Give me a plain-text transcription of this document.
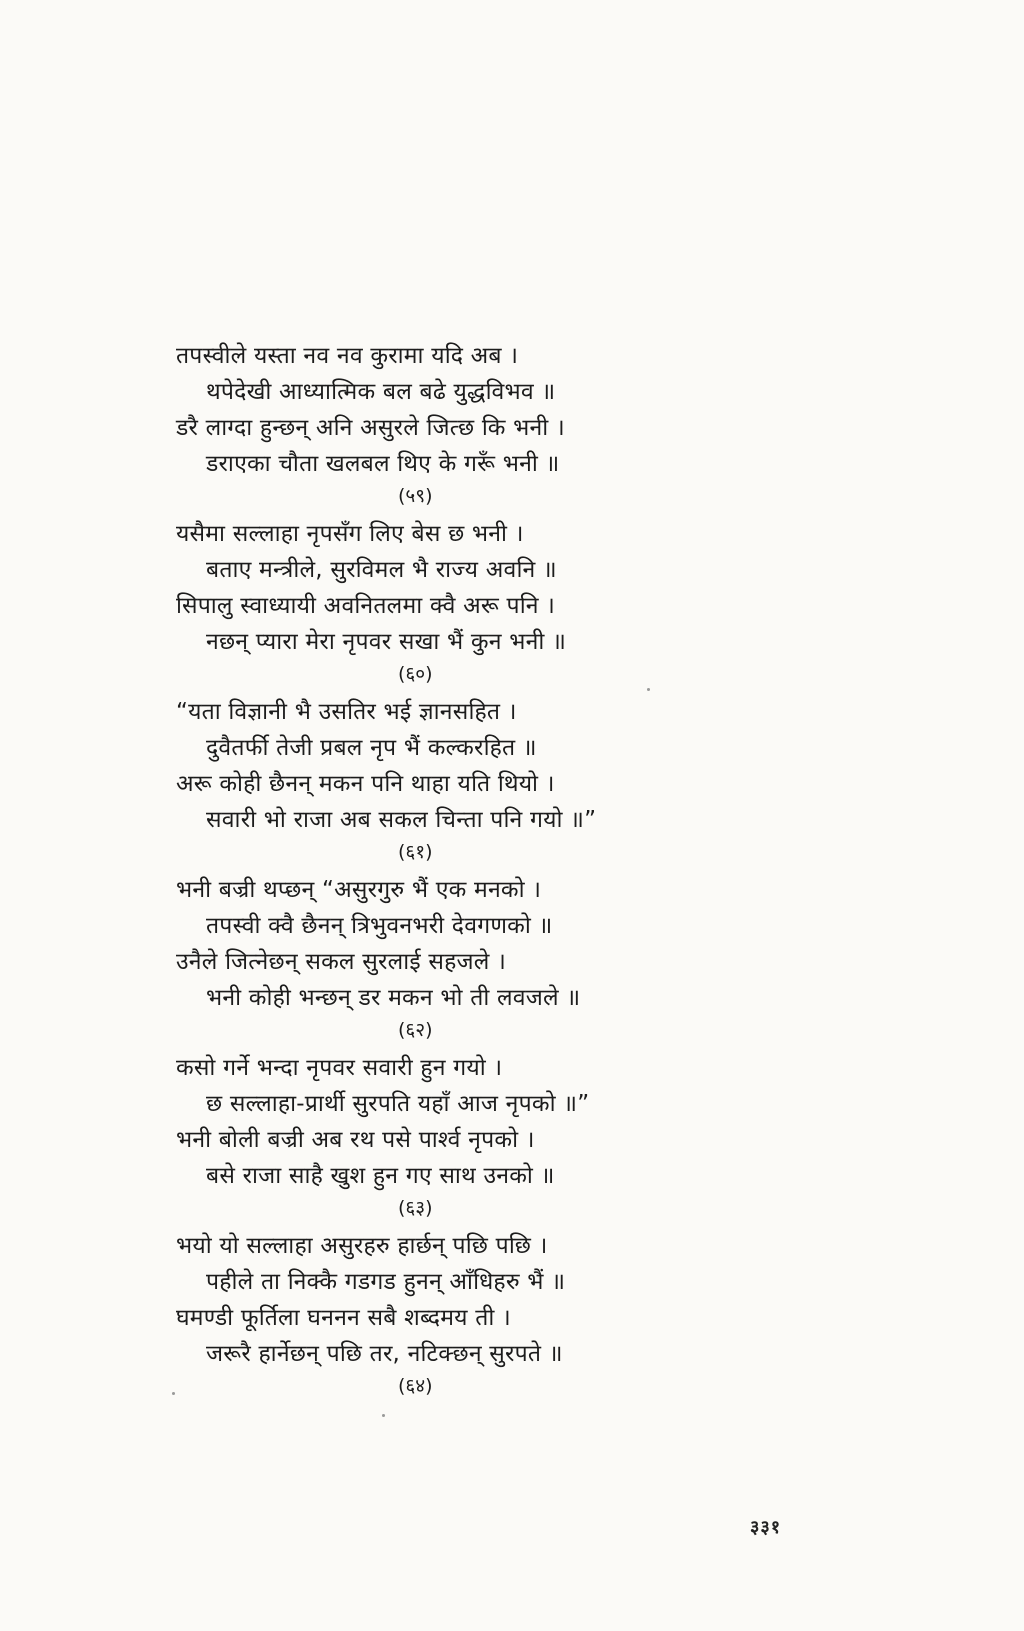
तपस्वीले यस्ता नव नव कुरामा यदि अब ।
थपेदेखी आध्यात्मिक बल बढे युद्धविभव ॥
डरै लाग्दा हुन्छन् अनि असुरले जित्छ कि भनी ।
डराएका चौता खलबल थिए के गरूँ भनी ॥
(५९)
यसैमा सल्लाहा नृपसँग लिए बेस छ भनी ।
बताए मन्त्रीले, सुरविमल भै राज्य अवनि ॥
सिपालु स्वाध्यायी अवनितलमा क्वै अरू पनि ।
नछन् प्यारा मेरा नृपवर सखा भैं कुन भनी ॥
(६०)
“यता विज्ञानी भै उसतिर भई ज्ञानसहित ।
दुवैतर्फी तेजी प्रबल नृप भैं कल्करहित ॥
अरू कोही छैनन् मकन पनि थाहा यति थियो ।
सवारी भो राजा अब सकल चिन्ता पनि गयो ॥”
(६१)
भनी बज्री थप्छन् “असुरगुरु भैं एक मनको ।
तपस्वी क्वै छैनन् त्रिभुवनभरी देवगणको ॥
उनैले जित्नेछन् सकल सुरलाई सहजले ।
भनी कोही भन्छन् डर मकन भो ती लवजले ॥
(६२)
कसो गर्ने भन्दा नृपवर सवारी हुन गयो ।
छ सल्लाहा-प्रार्थी सुरपति यहाँ आज नृपको ॥”
भनी बोली बज्री अब रथ पसे पार्श्व नृपको ।
बसे राजा साहै खुश हुन गए साथ उनको ॥
(६३)
भयो यो सल्लाहा असुरहरु हार्छन् पछि पछि ।
पहीले ता निक्कै गडगड हुनन् आँधिहरु भैं ॥
घमण्डी फूर्तिला घननन सबै शब्दमय ती ।
जरूरै हार्नेछन् पछि तर, नटिक्छन् सुरपते ॥
(६४)
३३१
